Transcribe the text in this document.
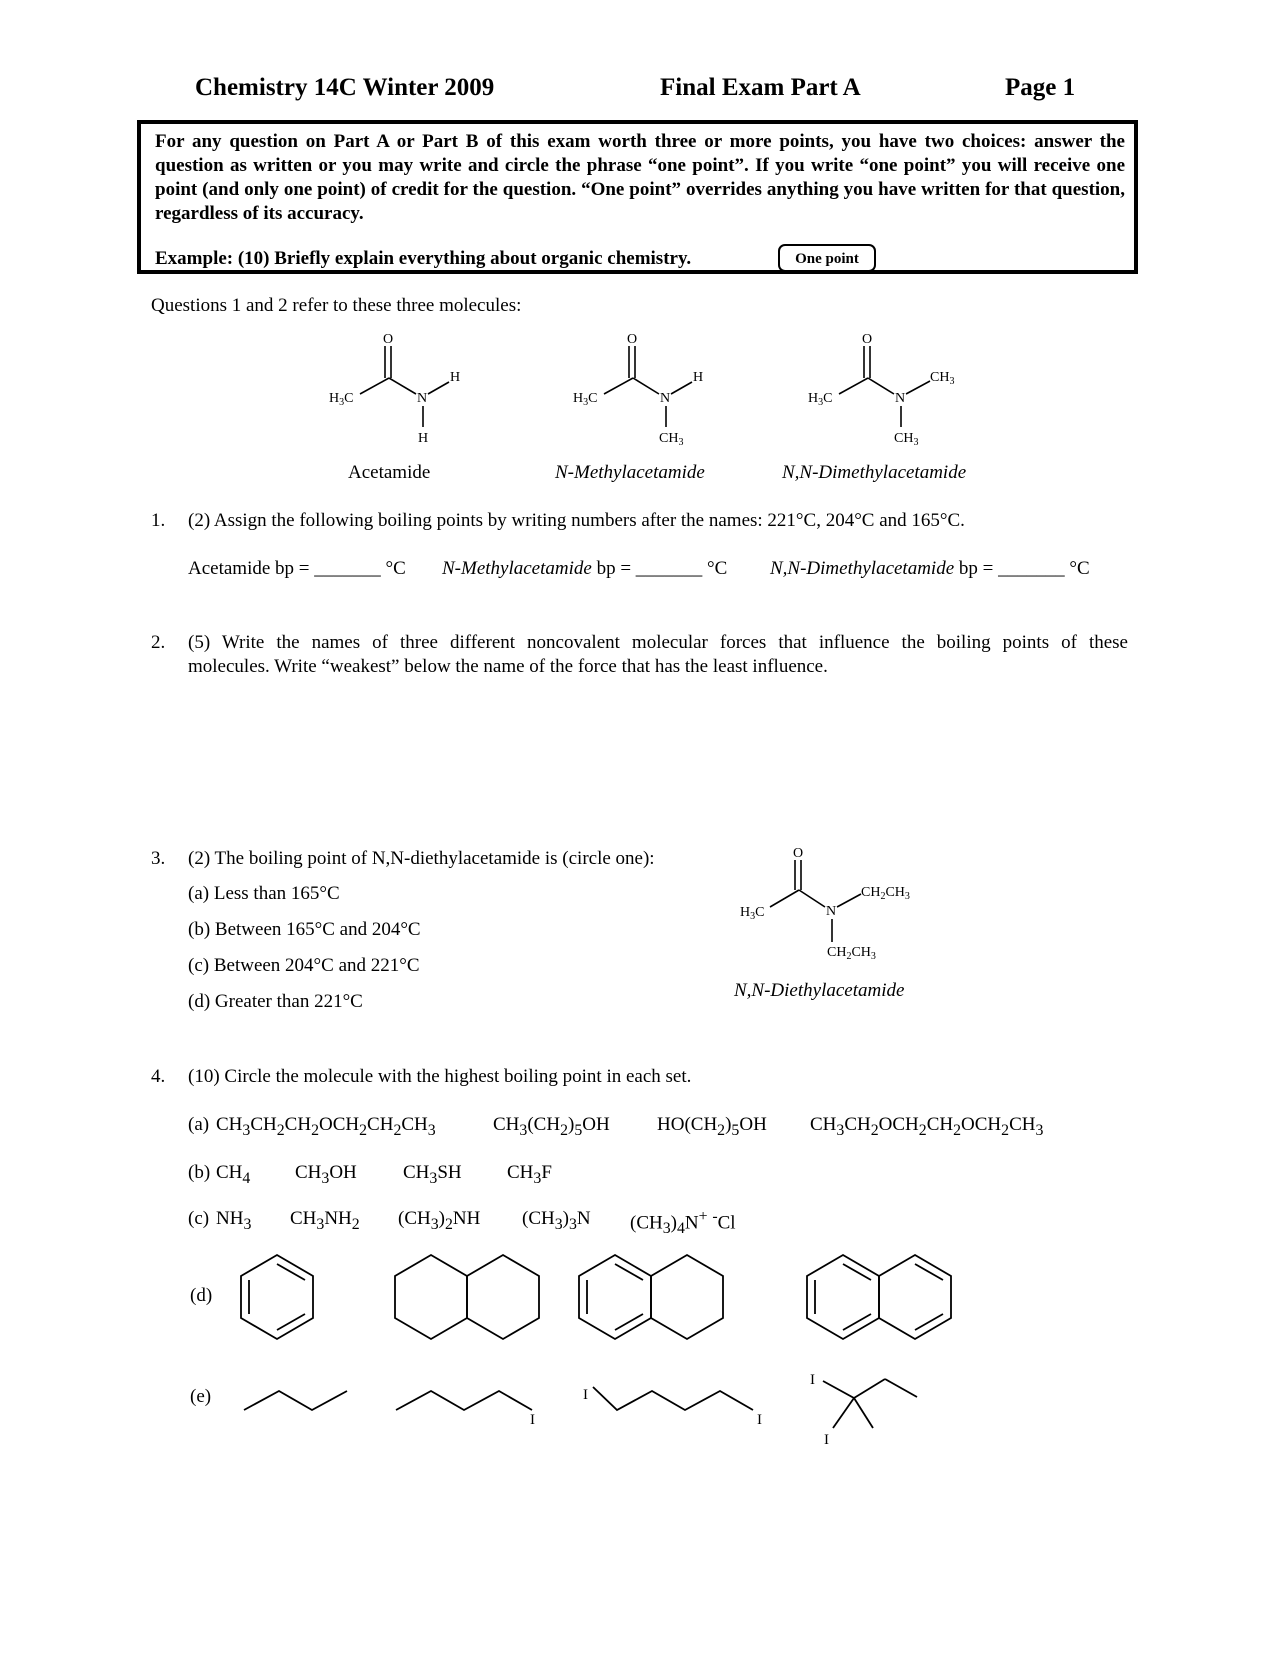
Chemistry 14C Winter 2009	Final Exam Part A	Page 1
For any question on Part A or Part B of this exam worth three or more points, you have two choices: answer the question as written or you may write and circle the phrase “one point”. If you write “one point” you will receive one point (and only one point) of credit for the question. “One point” overrides anything you have written for that question, regardless of its accuracy.
Example: (10) Briefly explain everything about organic chemistry.	One point
Questions 1 and 2 refer to these three molecules:
O
$H_3C$	N
H
H
O
$H_3C$	N
H
$CH_3$
O
$H_3C$	N
$CH_3$
$CH_3$
O
$H_3C$	N
$CH_2CH_3$
$CH_2CH_3$
Acetamide	N-Methylacetamide	N,N-Dimethylacetamide
1. (2) Assign the following boiling points by writing numbers after the names: 221°C, 204°C and 165°C.
Acetamide bp = _______ °C N-Methylacetamide bp = _______ °C N,N-Dimethylacetamide bp = _______ °C
2. (5) Write the names of three different noncovalent molecular forces that influence the boiling points of these
molecules. Write “weakest” below the name of the force that has the least influence.
3. (2) The boiling point of N,N-diethylacetamide is (circle one):
(a) Less than 165°C
(b) Between 165°C and 204°C
(c) Between 204°C and 221°C
(d) Greater than 221°C
N,N-Diethylacetamide
4. (10) Circle the molecule with the highest boiling point in each set.
(a) $CH_3CH_2CH_2OCH_2CH_2CH_3$	$CH_3(CH_2)_5OH$ $HO(CH_2)_5OH$ $CH_3CH_2OCH_2CH_2OCH_2CH_3$
(b) $CH_4$ $CH_3OH$ $CH_3SH$ $CH_3F$
(c) $NH_3$ $CH_3NH_2$ $(CH_3)_2NH$ $(CH_3)_3N$ $(CH_3)_4N^+$ -Cl
(d)
(e)
I
I
I
I
I
